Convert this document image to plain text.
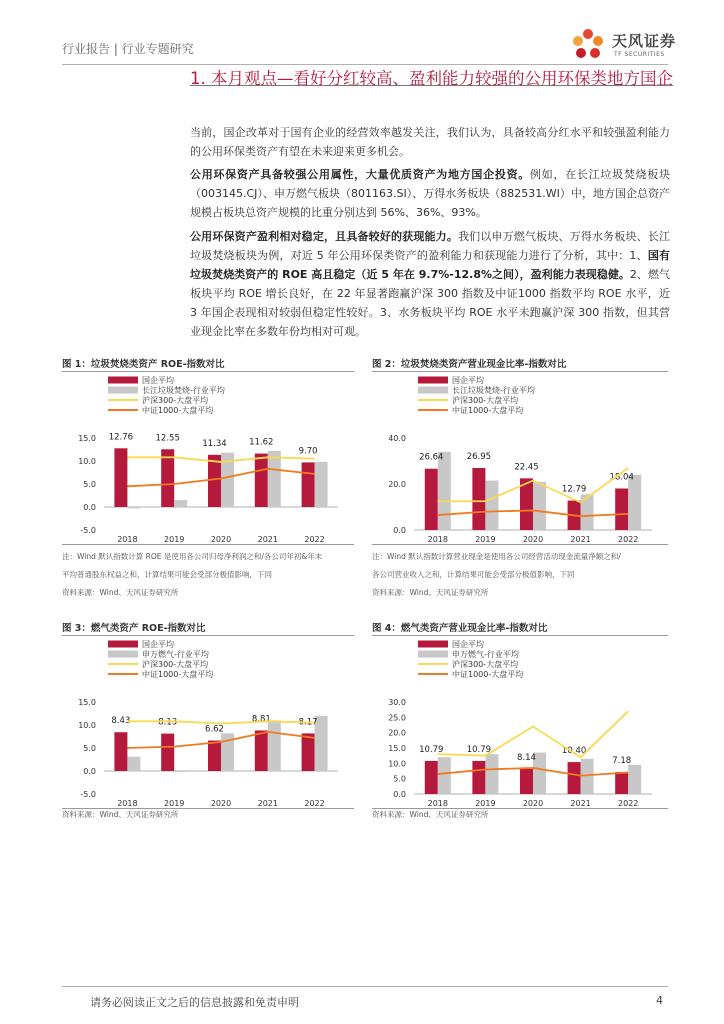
行业报告 | 行业专题研究	天风证券
TF SECURITIES
1. 本月观点—看好分红较高、盈利能力较强的公用环保类地方国企
当前，国企改革对于国有企业的经营效率越发关注，我们认为，具备较高分红水平和较强盈利能力的公用环保类资产有望在未来迎来更多机会。
公用环保资产具备较强公用属性，大量优质资产为地方国企投资。例如，在长江垃圾焚烧板块（003145.CJ）、申万燃气板块（801163.SI）、万得水务板块（882531.WI）中，地方国企总资产规模占板块总资产规模的比重分别达到 56%、36%、93%。
公用环保资产盈利相对稳定，且具备较好的获现能力。我们以申万燃气板块、万得水务板块、长江垃圾焚烧板块为例，对近 5 年公用环保类资产的盈利能力和获现能力进行了分析，其中：1、国有垃圾焚烧类资产的 ROE 高且稳定（近 5 年在 9.7%-12.8%之间），盈利能力表现稳健。2、燃气板块平均 ROE 增长良好，在 22 年显著跑赢沪深 300 指数及中证1000 指数平均 ROE 水平，近 3 年国企表现相对较弱但稳定性较好。3、水务板块平均 ROE 水平未跑赢沪深 300 指数，但其营业现金比率在多数年份均相对可观。
图 1：垃圾焚烧类资产 ROE-指数对比
国企平均
长江垃圾焚烧-行业平均
沪深300-大盘平均
中证1000-大盘平均
-5.0
0.0
5.0
10.0
15.0
2018
12.76
2019
12.55
2020
11.34
2021
11.62
2022
9.70
注：Wind 默认指数计算 ROE 是使用各公司归母净利润之和/各公司年初&年末
平均普通股东权益之和，计算结果可能会受部分极值影响，下同
资料来源：Wind、天风证券研究所
图 2：垃圾焚烧类资产营业现金比率-指数对比
国企平均
长江垃圾焚烧-行业平均
沪深300-大盘平均
中证1000-大盘平均
0.0
20.0
40.0
2018
26.64
2019
26.95
2020
22.45
2021
12.79
2022
18.04
注：Wind 默认指数计算营业现金是使用各公司经营活动现金流量净额之和/
各公司营业收入之和，计算结果可能会受部分极值影响，下同
资料来源：Wind、天风证券研究所
图 3：燃气类资产 ROE-指数对比
国企平均
申万燃气-行业平均
沪深300-大盘平均
中证1000-大盘平均
-5.0
0.0
5.0
10.0
15.0
2018
8.43
2019
8.13
2020
6.62
2021
8.81
2022
8.17
资料来源：Wind、天风证券研究所
图 4：燃气类资产营业现金比率-指数对比
国企平均
申万燃气-行业平均
沪深300-大盘平均
中证1000-大盘平均
0.0
5.0
10.0
15.0
20.0
25.0
30.0
2018
10.79
2019
10.79
2020
8.14
2021
10.40
2022
7.18
资料来源：Wind、天风证券研究所
请务必阅读正文之后的信息披露和免责申明	4
